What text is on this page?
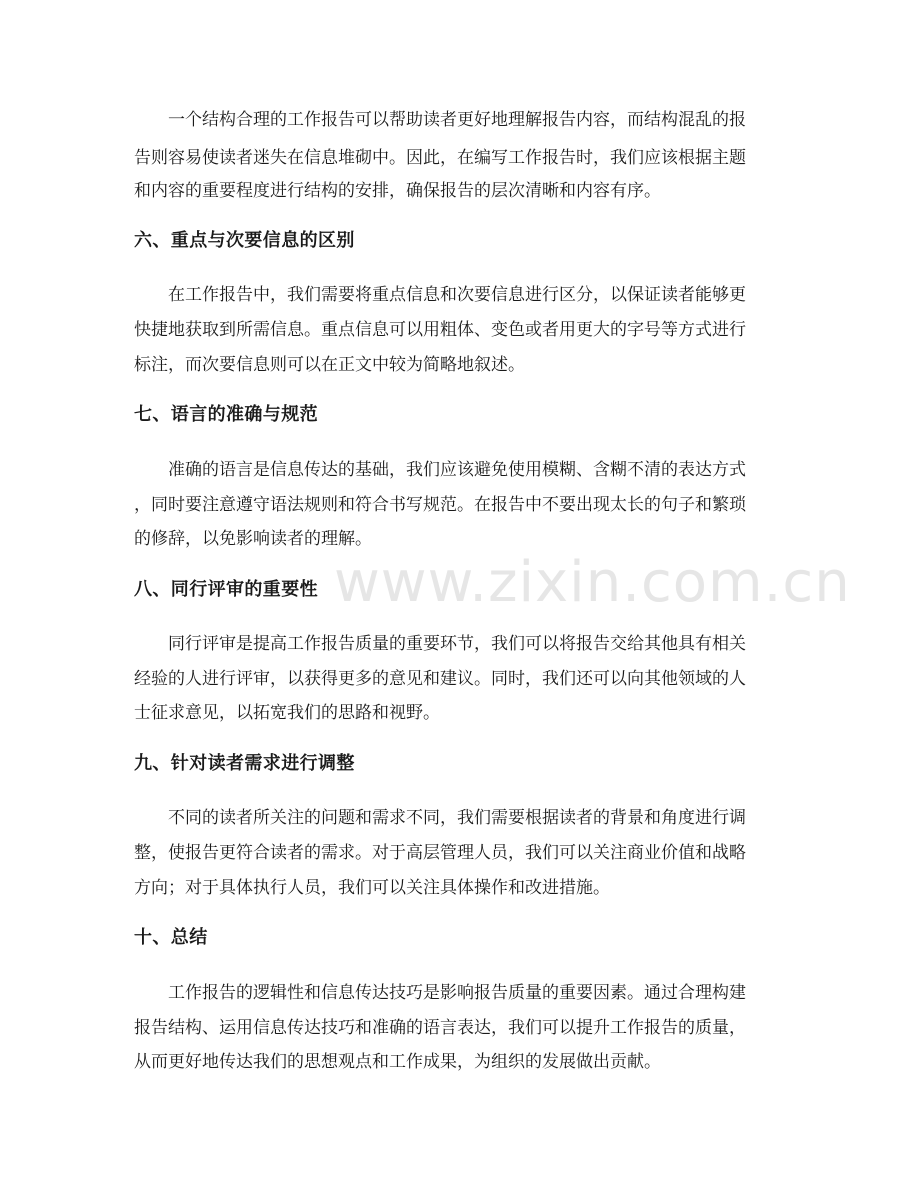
www.zixin.com.cn
　　一个结构合理的工作报告可以帮助读者更好地理解报告内容，而结构混乱的报
告则容易使读者迷失在信息堆砌中。因此，在编写工作报告时，我们应该根据主题
和内容的重要程度进行结构的安排，确保报告的层次清晰和内容有序。
六、重点与次要信息的区别
　　在工作报告中，我们需要将重点信息和次要信息进行区分，以保证读者能够更
快捷地获取到所需信息。重点信息可以用粗体、变色或者用更大的字号等方式进行
标注，而次要信息则可以在正文中较为简略地叙述。
七、语言的准确与规范
　　准确的语言是信息传达的基础，我们应该避免使用模糊、含糊不清的表达方式
，同时要注意遵守语法规则和符合书写规范。在报告中不要出现太长的句子和繁琐
的修辞，以免影响读者的理解。
八、同行评审的重要性
　　同行评审是提高工作报告质量的重要环节，我们可以将报告交给其他具有相关
经验的人进行评审，以获得更多的意见和建议。同时，我们还可以向其他领域的人
士征求意见，以拓宽我们的思路和视野。
九、针对读者需求进行调整
　　不同的读者所关注的问题和需求不同，我们需要根据读者的背景和角度进行调
整，使报告更符合读者的需求。对于高层管理人员，我们可以关注商业价值和战略
方向；对于具体执行人员，我们可以关注具体操作和改进措施。
十、总结
　　工作报告的逻辑性和信息传达技巧是影响报告质量的重要因素。通过合理构建
报告结构、运用信息传达技巧和准确的语言表达，我们可以提升工作报告的质量，
从而更好地传达我们的思想观点和工作成果，为组织的发展做出贡献。
